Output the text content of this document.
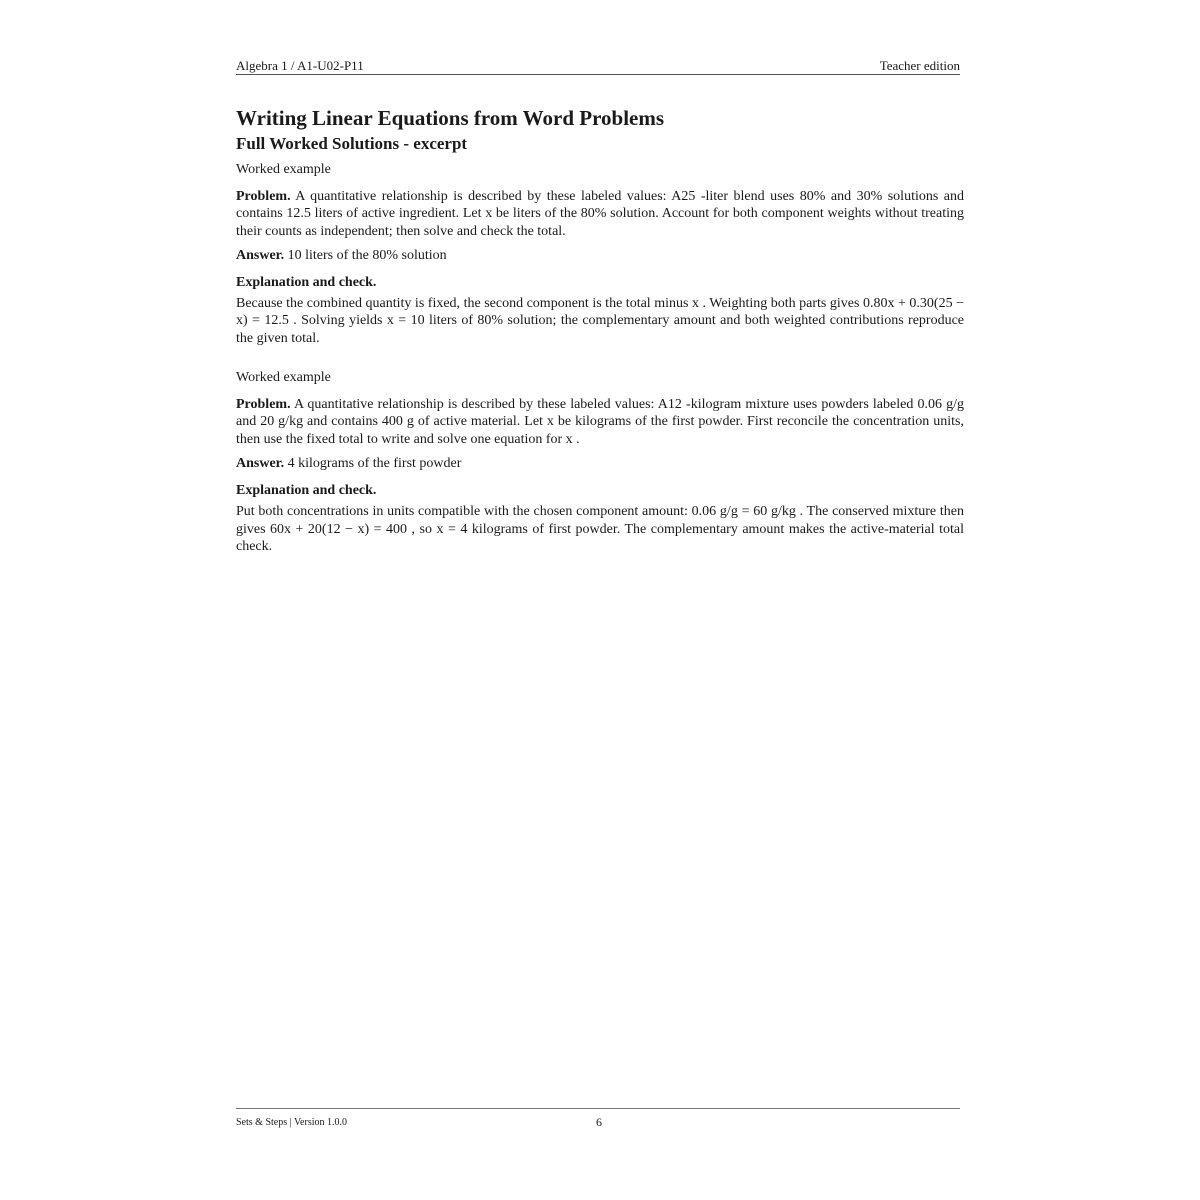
Algebra 1 / A1-U02-P11	Teacher edition
Writing Linear Equations from Word Problems
Full Worked Solutions - excerpt
Worked example

Problem. A quantitative relationship is described by these labeled values: A25 -liter blend uses 80% and 30% solutions and contains 12.5 liters of active ingredient. Let x be liters of the 80% solution. Account for both component weights without treating their counts as independent; then solve and check the total.

Answer. 10 liters of the 80% solution

Explanation and check.

Because the combined quantity is fixed, the second component is the total minus x . Weighting both parts gives 0.80x + 0.30(25 − x) = 12.5 . Solving yields x = 10 liters of 80% solution; the complementary amount and both weighted contributions reproduce the given total.

Worked example

Problem. A quantitative relationship is described by these labeled values: A12 -kilogram mixture uses powders labeled 0.06 g/g and 20 g/kg and contains 400 g of active material. Let x be kilograms of the first powder. First reconcile the concentration units, then use the fixed total to write and solve one equation for x .

Answer. 4 kilograms of the first powder

Explanation and check.

Put both concentrations in units compatible with the chosen component amount: 0.06 g/g = 60 g/kg . The conserved mixture then gives 60x + 20(12 − x) = 400 , so x = 4 kilograms of first powder. The complementary amount makes the active-material total check.

Sets & Steps | Version 1.0.0	6
